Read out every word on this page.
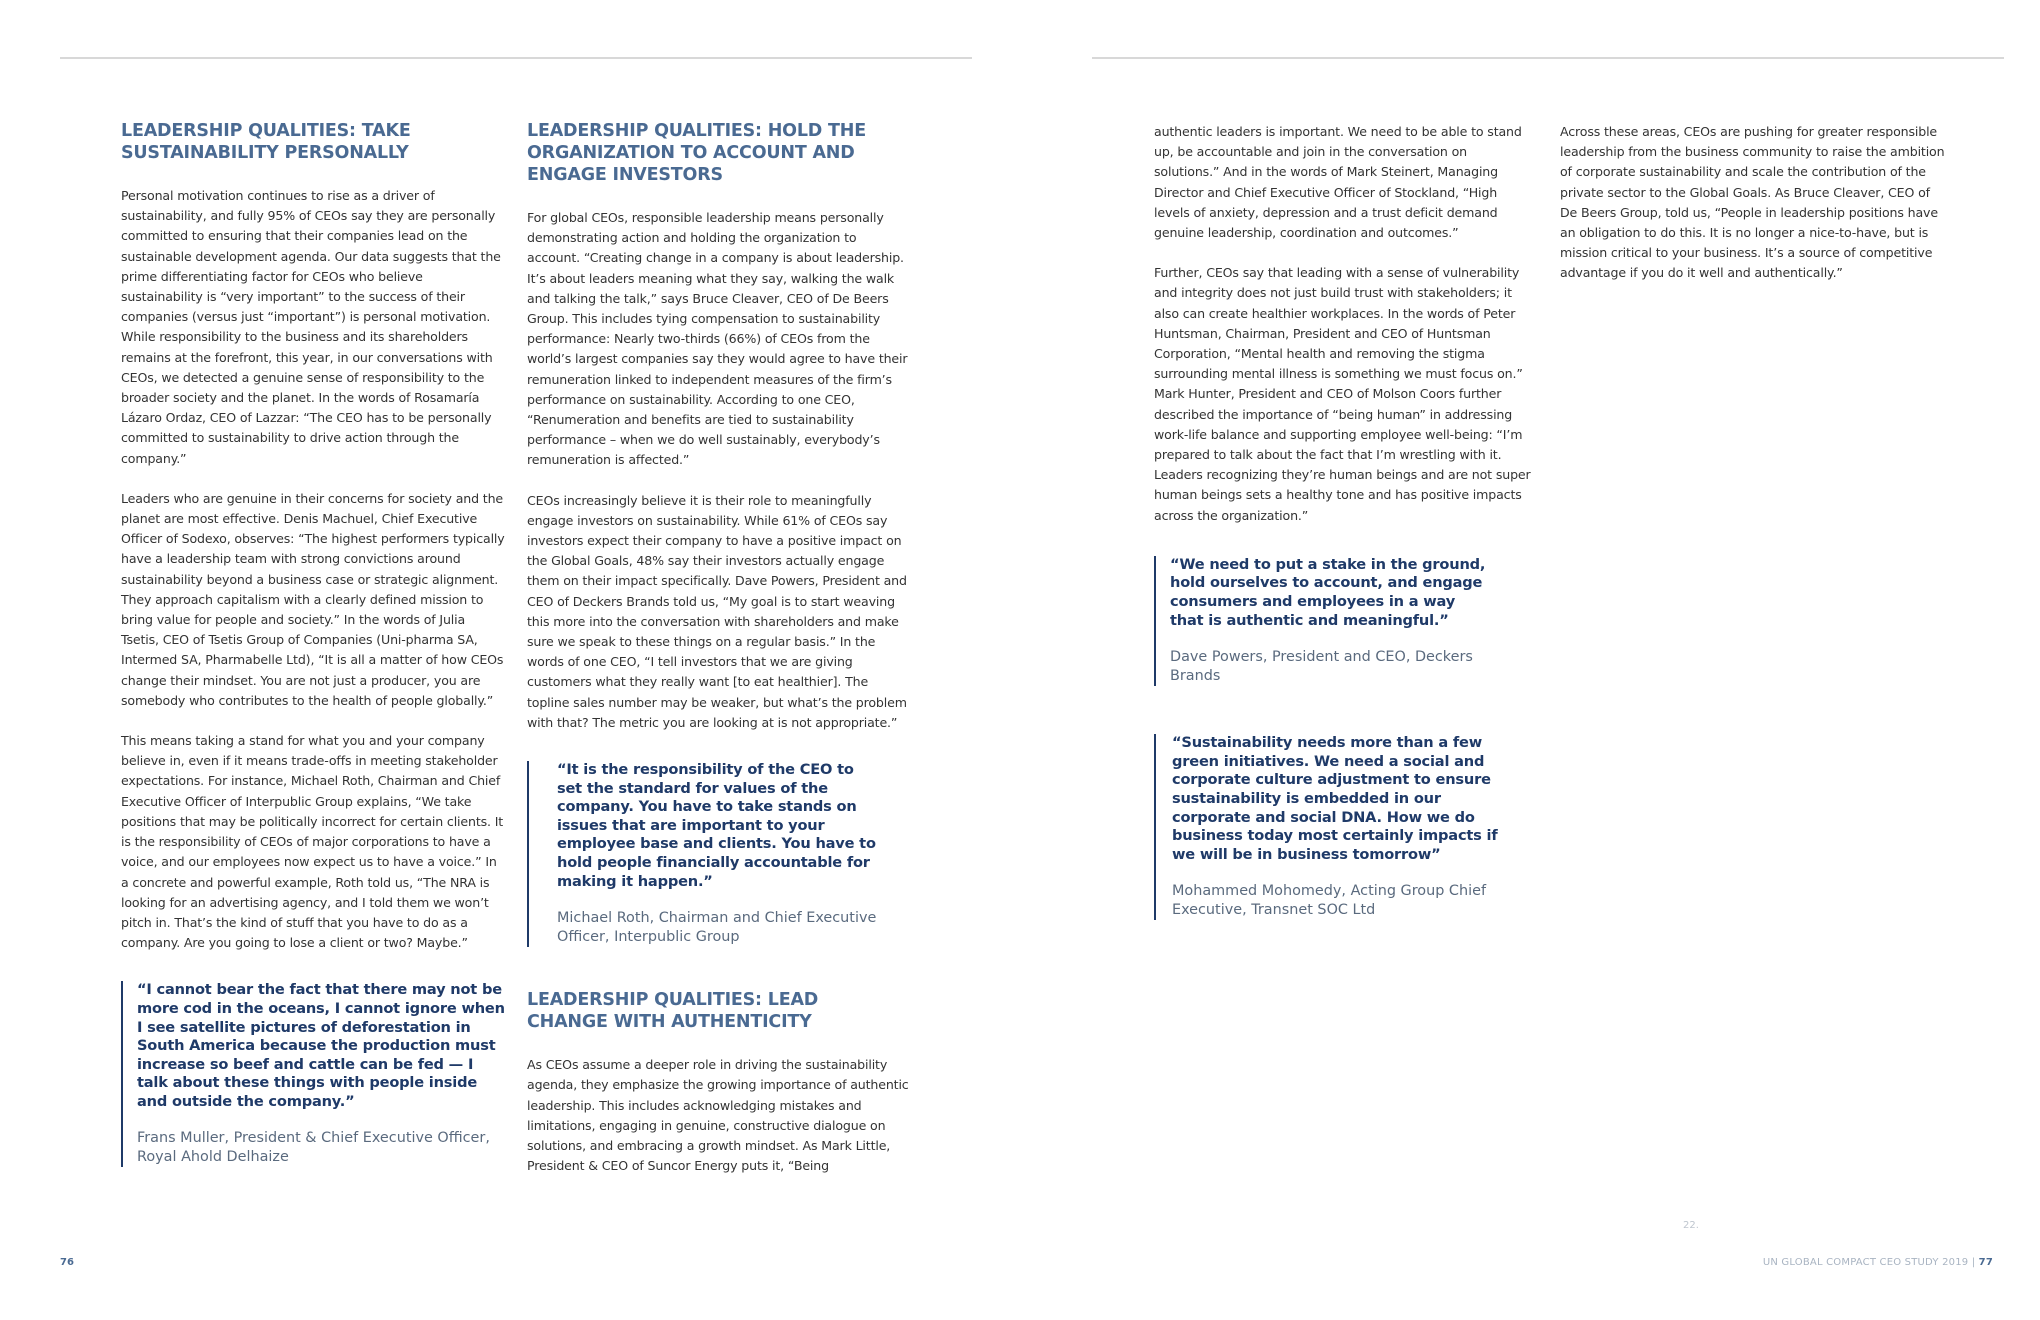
LEADERSHIP QUALITIES: TAKE SUSTAINABILITY PERSONALLY

Personal motivation continues to rise as a driver of sustainability, and fully 95% of CEOs say they are personally committed to ensuring that their companies lead on the sustainable development agenda. Our data suggests that the prime differentiating factor for CEOs who believe sustainability is “very important” to the success of their companies (versus just “important”) is personal motivation. While responsibility to the business and its shareholders remains at the forefront, this year, in our conversations with CEOs, we detected a genuine sense of responsibility to the broader society and the planet. In the words of Rosamaría Lázaro Ordaz, CEO of Lazzar: “The CEO has to be personally committed to sustainability to drive action through the company.”

Leaders who are genuine in their concerns for society and the planet are most effective. Denis Machuel, Chief Executive Officer of Sodexo, observes: “The highest performers typically have a leadership team with strong convictions around sustainability beyond a business case or strategic alignment. They approach capitalism with a clearly defined mission to bring value for people and society.” In the words of Julia Tsetis, CEO of Tsetis Group of Companies (Uni-pharma SA, Intermed SA, Pharmabelle Ltd), “It is all a matter of how CEOs change their mindset. You are not just a producer, you are somebody who contributes to the health of people globally.”

This means taking a stand for what you and your company believe in, even if it means trade-offs in meeting stakeholder expectations. For instance, Michael Roth, Chairman and Chief Executive Officer of Interpublic Group explains, “We take positions that may be politically incorrect for certain clients. It is the responsibility of CEOs of major corporations to have a voice, and our employees now expect us to have a voice.” In a concrete and powerful example, Roth told us, “The NRA is looking for an advertising agency, and I told them we won’t pitch in. That’s the kind of stuff that you have to do as a company. Are you going to lose a client or two? Maybe.”

“I cannot bear the fact that there may not be more cod in the oceans, I cannot ignore when I see satellite pictures of deforestation in South America because the production must increase so beef and cattle can be fed — I talk about these things with people inside and outside the company.”

Frans Muller, President & Chief Executive Officer, Royal Ahold Delhaize

LEADERSHIP QUALITIES: HOLD THE ORGANIZATION TO ACCOUNT AND ENGAGE INVESTORS

For global CEOs, responsible leadership means personally demonstrating action and holding the organization to account. “Creating change in a company is about leadership. It’s about leaders meaning what they say, walking the walk and talking the talk,” says Bruce Cleaver, CEO of De Beers Group. This includes tying compensation to sustainability performance: Nearly two-thirds (66%) of CEOs from the world’s largest companies say they would agree to have their remuneration linked to independent measures of the firm’s performance on sustainability. According to one CEO, “Renumeration and benefits are tied to sustainability performance – when we do well sustainably, everybody’s remuneration is affected.”

CEOs increasingly believe it is their role to meaningfully engage investors on sustainability. While 61% of CEOs say investors expect their company to have a positive impact on the Global Goals, 48% say their investors actually engage them on their impact specifically. Dave Powers, President and CEO of Deckers Brands told us, “My goal is to start weaving this more into the conversation with shareholders and make sure we speak to these things on a regular basis.” In the words of one CEO, “I tell investors that we are giving customers what they really want [to eat healthier]. The topline sales number may be weaker, but what’s the problem with that? The metric you are looking at is not appropriate.”

“It is the responsibility of the CEO to set the standard for values of the company. You have to take stands on issues that are important to your employee base and clients. You have to hold people financially accountable for making it happen.”

Michael Roth, Chairman and Chief Executive Officer, Interpublic Group

LEADERSHIP QUALITIES: LEAD CHANGE WITH AUTHENTICITY

As CEOs assume a deeper role in driving the sustainability agenda, they emphasize the growing importance of authentic leadership. This includes acknowledging mistakes and limitations, engaging in genuine, constructive dialogue on solutions, and embracing a growth mindset. As Mark Little, President & CEO of Suncor Energy puts it, “Being

authentic leaders is important. We need to be able to stand up, be accountable and join in the conversation on solutions.” And in the words of Mark Steinert, Managing Director and Chief Executive Officer of Stockland, “High levels of anxiety, depression and a trust deficit demand genuine leadership, coordination and outcomes.”

Further, CEOs say that leading with a sense of vulnerability and integrity does not just build trust with stakeholders; it also can create healthier workplaces. In the words of Peter Huntsman, Chairman, President and CEO of Huntsman Corporation, “Mental health and removing the stigma surrounding mental illness is something we must focus on.” Mark Hunter, President and CEO of Molson Coors further described the importance of “being human” in addressing work-life balance and supporting employee well-being: “I’m prepared to talk about the fact that I’m wrestling with it. Leaders recognizing they’re human beings and are not super human beings sets a healthy tone and has positive impacts across the organization.”

“We need to put a stake in the ground, hold ourselves to account, and engage consumers and employees in a way that is authentic and meaningful.”

Dave Powers, President and CEO, Deckers Brands

“Sustainability needs more than a few green initiatives. We need a social and corporate culture adjustment to ensure sustainability is embedded in our corporate and social DNA. How we do business today most certainly impacts if we will be in business tomorrow”

Mohammed Mohomedy, Acting Group Chief Executive, Transnet SOC Ltd

Across these areas, CEOs are pushing for greater responsible leadership from the business community to raise the ambition of corporate sustainability and scale the contribution of the private sector to the Global Goals. As Bruce Cleaver, CEO of De Beers Group, told us, “People in leadership positions have an obligation to do this. It is no longer a nice-to-have, but is mission critical to your business. It’s a source of competitive advantage if you do it well and authentically.”

22.
76	UN GLOBAL COMPACT CEO STUDY 2019 | 77
